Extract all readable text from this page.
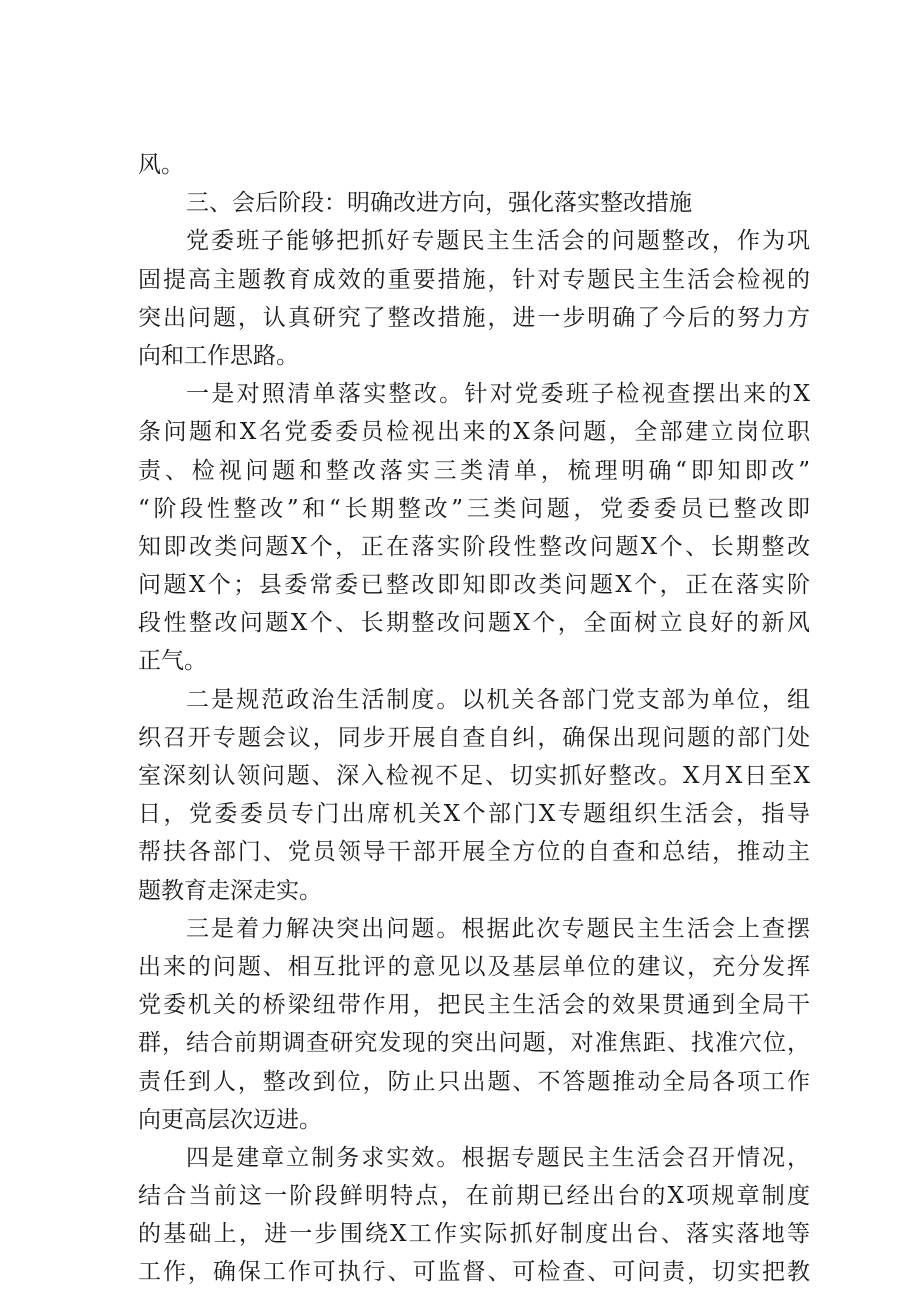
风。
三、会后阶段：明确改进方向，强化落实整改措施
党委班子能够把抓好专题民主生活会的问题整改，作为巩
固提高主题教育成效的重要措施，针对专题民主生活会检视的
突出问题，认真研究了整改措施，进一步明确了今后的努力方
向和工作思路。
一是对照清单落实整改。针对党委班子检视查摆出来的X
条问题和X名党委委员检视出来的X条问题，全部建立岗位职
责、检视问题和整改落实三类清单，梳理明确“即知即改”
“阶段性整改”和“长期整改”三类问题，党委委员已整改即
知即改类问题X个，正在落实阶段性整改问题X个、长期整改
问题X个；县委常委已整改即知即改类问题X个，正在落实阶
段性整改问题X个、长期整改问题X个，全面树立良好的新风
正气。
二是规范政治生活制度。以机关各部门党支部为单位，组
织召开专题会议，同步开展自查自纠，确保出现问题的部门处
室深刻认领问题、深入检视不足、切实抓好整改。X月X日至X
日，党委委员专门出席机关X个部门X专题组织生活会，指导
帮扶各部门、党员领导干部开展全方位的自查和总结，推动主
题教育走深走实。
三是着力解决突出问题。根据此次专题民主生活会上查摆
出来的问题、相互批评的意见以及基层单位的建议，充分发挥
党委机关的桥梁纽带作用，把民主生活会的效果贯通到全局干
群，结合前期调查研究发现的突出问题，对准焦距、找准穴位，
责任到人，整改到位，防止只出题、不答题推动全局各项工作
向更高层次迈进。
四是建章立制务求实效。根据专题民主生活会召开情况，
结合当前这一阶段鲜明特点，在前期已经出台的X项规章制度
的基础上，进一步围绕X工作实际抓好制度出台、落实落地等
工作，确保工作可执行、可监督、可检查、可问责，切实把教
